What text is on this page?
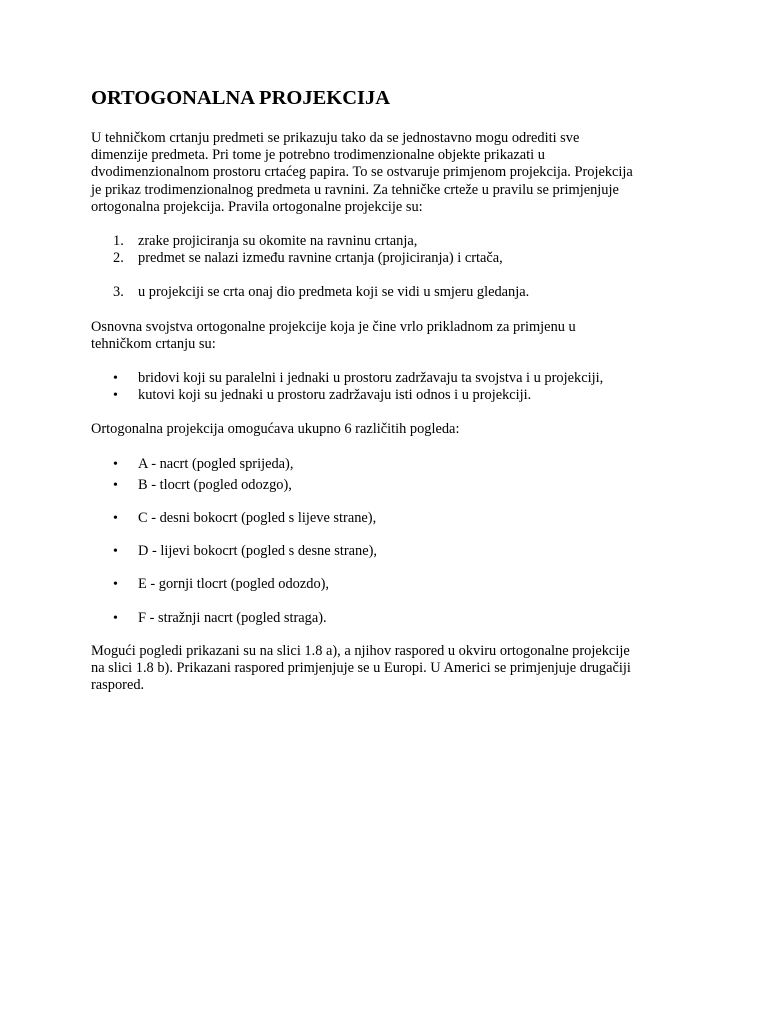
ORTOGONALNA PROJEKCIJA

U tehničkom crtanju predmeti se prikazuju tako da se jednostavno mogu odrediti sve

dimenzije predmeta. Pri tome je potrebno trodimenzionalne objekte prikazati u

dvodimenzionalnom prostoru crtaćeg papira. To se ostvaruje primjenom projekcija. Projekcija

je prikaz trodimenzionalnog predmeta u ravnini. Za tehničke crteže u pravilu se primjenjuje

ortogonalna projekcija. Pravila ortogonalne projekcije su:

1. zrake projiciranja su okomite na ravninu crtanja,
2. predmet se nalazi između ravnine crtanja (projiciranja) i crtača,
3. u projekciji se crta onaj dio predmeta koji se vidi u smjeru gledanja.

Osnovna svojstva ortogonalne projekcije koja je čine vrlo prikladnom za primjenu u

tehničkom crtanju su:

• bridovi koji su paralelni i jednaki u prostoru zadržavaju ta svojstva i u projekciji,
• kutovi koji su jednaki u prostoru zadržavaju isti odnos i u projekciji.

Ortogonalna projekcija omogućava ukupno 6 različitih pogleda:

• A - nacrt (pogled sprijeda),
• B - tlocrt (pogled odozgo),
• C - desni bokocrt (pogled s lijeve strane),
• D - lijevi bokocrt (pogled s desne strane),
• E - gornji tlocrt (pogled odozdo),
• F - stražnji nacrt (pogled straga).

Mogući pogledi prikazani su na slici 1.8 a), a njihov raspored u okviru ortogonalne projekcije

na slici 1.8 b). Prikazani raspored primjenjuje se u Europi. U Americi se primjenjuje drugačiji

raspored.
